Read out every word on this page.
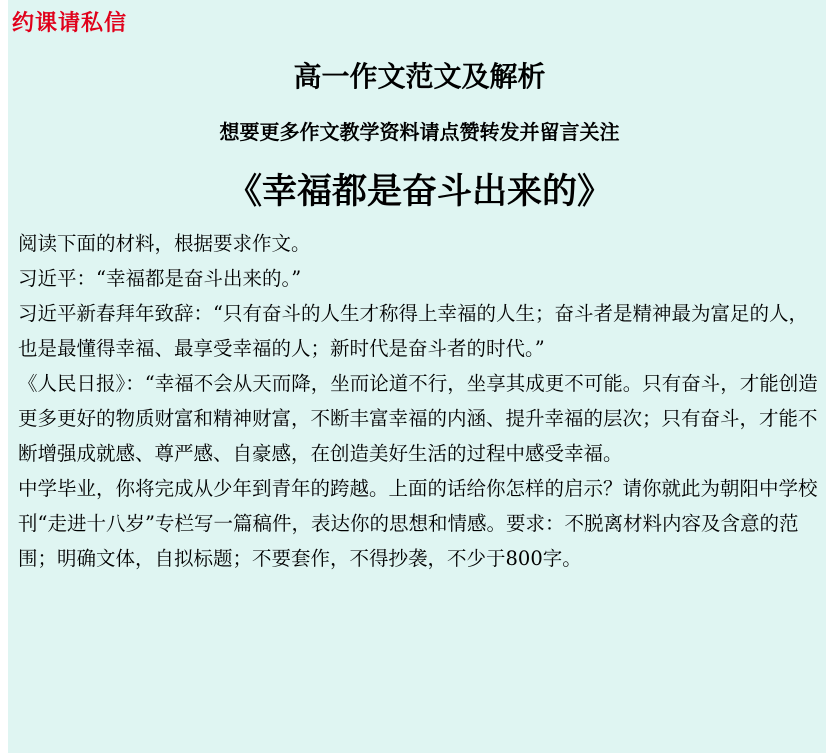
约课请私信
高一作文范文及解析
想要更多作文教学资料请点赞转发并留言关注
《幸福都是奋斗出来的》

阅读下面的材料，根据要求作文。

习近平：“幸福都是奋斗出来的。”

习近平新春拜年致辞：“只有奋斗的人生才称得上幸福的人生；奋斗者是精神最为富足的人，也是最懂得幸福、最享受幸福的人；新时代是奋斗者的时代。”

《人民日报》：“幸福不会从天而降，坐而论道不行，坐享其成更不可能。只有奋斗，才能创造更多更好的物质财富和精神财富，不断丰富幸福的内涵、提升幸福的层次；只有奋斗，才能不断增强成就感、尊严感、自豪感，在创造美好生活的过程中感受幸福。

中学毕业，你将完成从少年到青年的跨越。上面的话给你怎样的启示？请你就此为朝阳中学校刊“走进十八岁”专栏写一篇稿件，表达你的思想和情感。要求：不脱离材料内容及含意的范围；明确文体，自拟标题；不要套作，不得抄袭，不少于800字。
